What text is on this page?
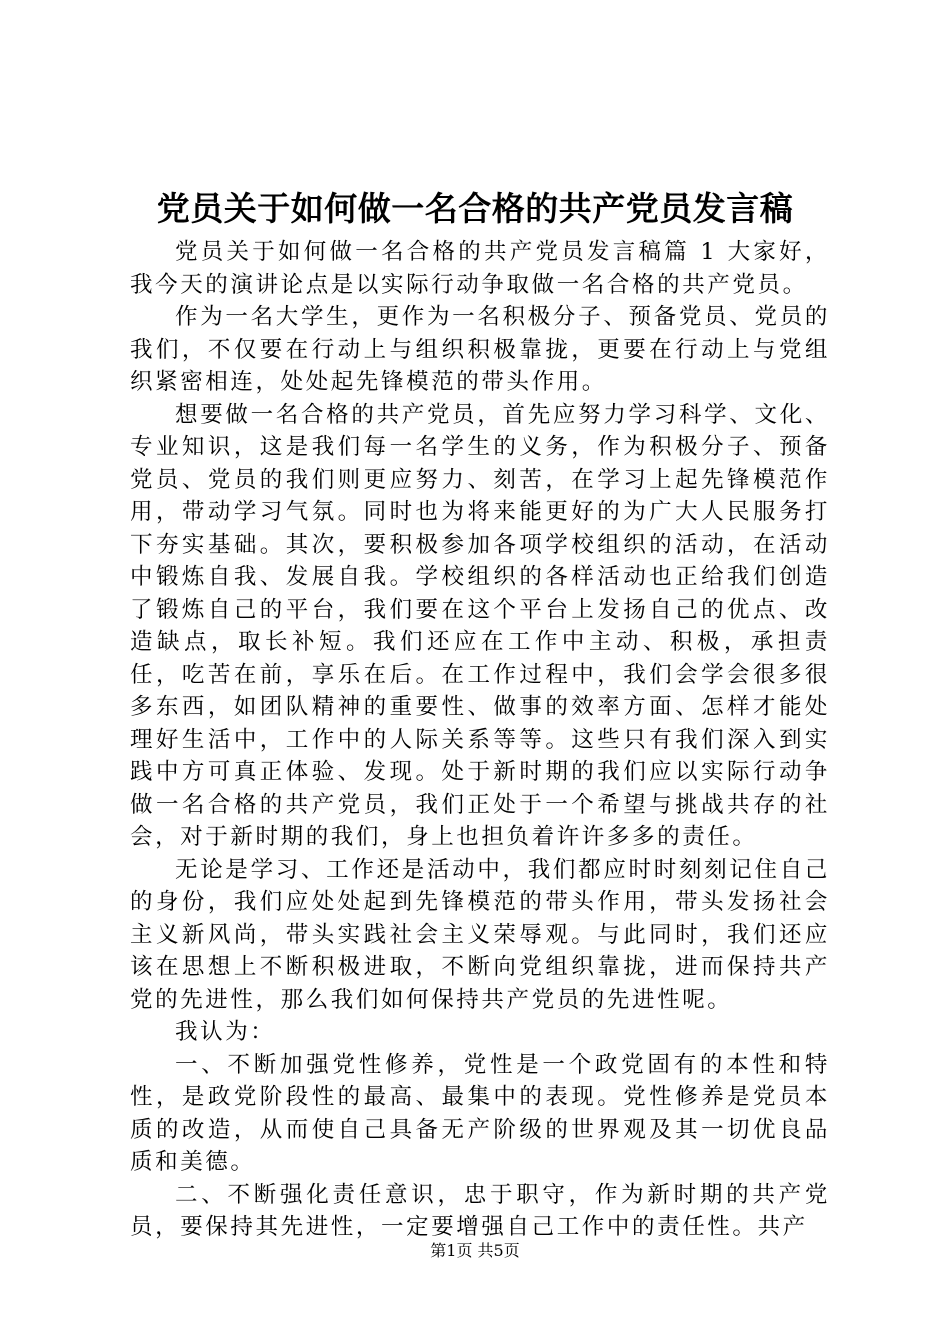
党员关于如何做一名合格的共产党员发言稿

党员关于如何做一名合格的共产党员发言稿篇 1 大家好，我今天的演讲论点是以实际行动争取做一名合格的共产党员。

作为一名大学生，更作为一名积极分子、预备党员、党员的我们，不仅要在行动上与组织积极靠拢，更要在行动上与党组织紧密相连，处处起先锋模范的带头作用。

想要做一名合格的共产党员，首先应努力学习科学、文化、专业知识，这是我们每一名学生的义务，作为积极分子、预备党员、党员的我们则更应努力、刻苦，在学习上起先锋模范作用，带动学习气氛。同时也为将来能更好的为广大人民服务打下夯实基础。其次，要积极参加各项学校组织的活动，在活动中锻炼自我、发展自我。学校组织的各样活动也正给我们创造了锻炼自己的平台，我们要在这个平台上发扬自己的优点、改造缺点，取长补短。我们还应在工作中主动、积极，承担责任，吃苦在前，享乐在后。在工作过程中，我们会学会很多很多东西，如团队精神的重要性、做事的效率方面、怎样才能处理好生活中，工作中的人际关系等等。这些只有我们深入到实践中方可真正体验、发现。处于新时期的我们应以实际行动争做一名合格的共产党员，我们正处于一个希望与挑战共存的社会，对于新时期的我们，身上也担负着许许多多的责任。

无论是学习、工作还是活动中，我们都应时时刻刻记住自己的身份，我们应处处起到先锋模范的带头作用，带头发扬社会主义新风尚，带头实践社会主义荣辱观。与此同时，我们还应该在思想上不断积极进取，不断向党组织靠拢，进而保持共产党的先进性，那么我们如何保持共产党员的先进性呢。

我认为：

一、不断加强党性修养，党性是一个政党固有的本性和特性，是政党阶段性的最高、最集中的表现。党性修养是党员本质的改造，从而使自己具备无产阶级的世界观及其一切优良品质和美德。

二、不断强化责任意识，忠于职守，作为新时期的共产党员，要保持其先进性，一定要增强自己工作中的责任性。共产

第1页 共5页
